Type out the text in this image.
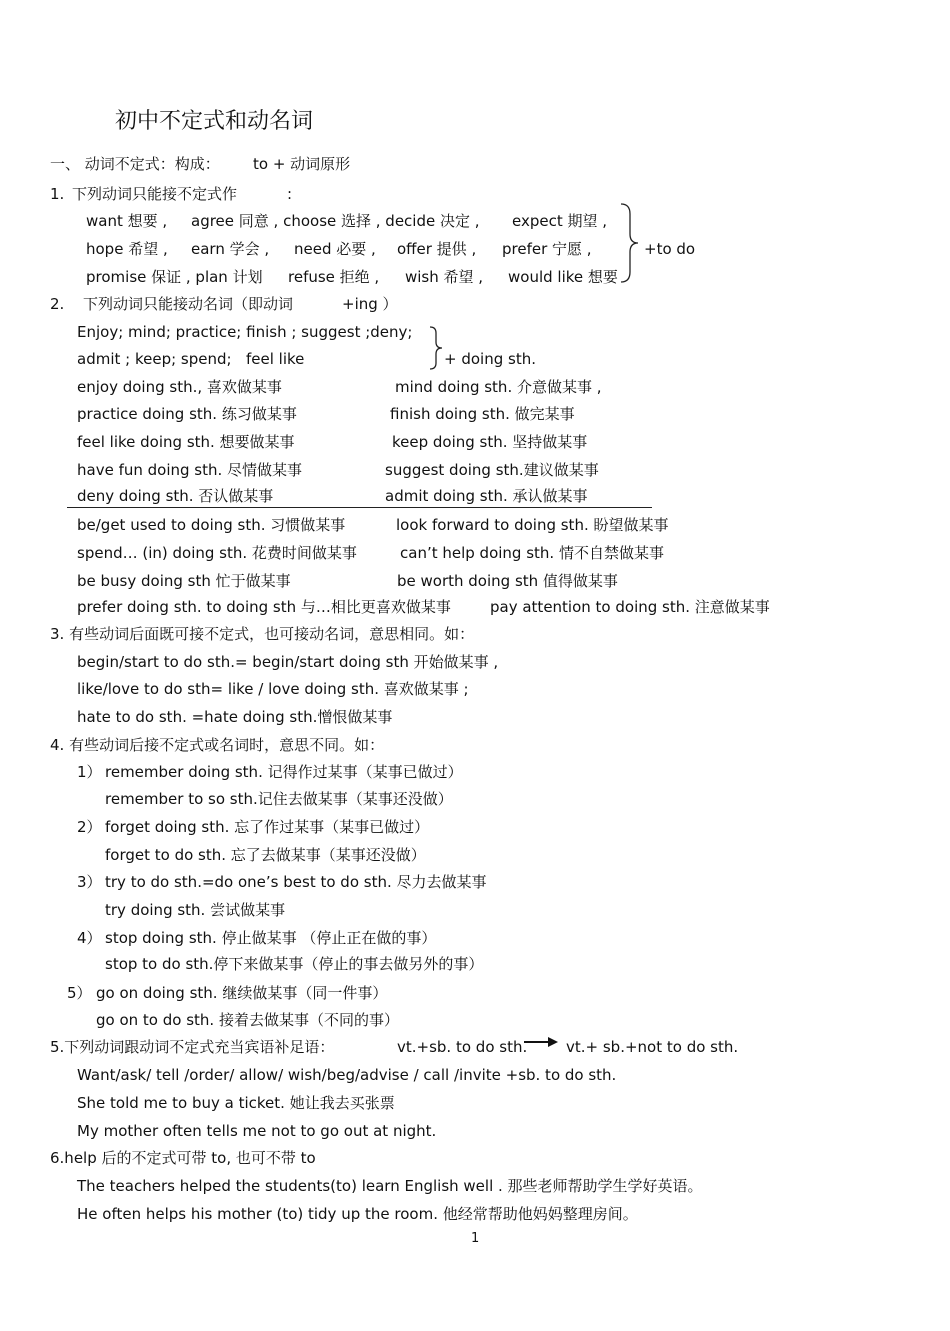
初中不定式和动名词
一、 动词不定式：构成： to + 动词原形
1. 下列动词只能接不定式作	:
want 想要 , agree 同意 , choose 选择 , decide 决定 , expect 期望 ,
hope 希望 , earn 学会 , need 必要 , offer 提供 , prefer 宁愿 ,
promise 保证 , plan 计划 refuse 拒绝 , wish 希望 , would like 想要
+to do
2. 下列动词只能接动名词（即动词	+ing ）
Enjoy; mind; practice; finish ; suggest ;deny;
admit ; keep; spend; feel like	+ doing sth.
enjoy doing sth., 喜欢做某事	mind doing sth. 介意做某事 ,
practice doing sth. 练习做某事	finish doing sth. 做完某事
feel like doing sth. 想要做某事	keep doing sth. 坚持做某事
have fun doing sth. 尽情做某事	suggest doing sth.建议做某事
deny doing sth. 否认做某事	admit doing sth. 承认做某事
be/get used to doing sth. 习惯做某事	look forward to doing sth. 盼望做某事
spend… (in) doing sth. 花费时间做某事	can’t help doing sth. 情不自禁做某事
be busy doing sth 忙于做某事	be worth doing sth 值得做某事
prefer doing sth. to doing sth 与…相比更喜欢做某事	pay attention to doing sth. 注意做某事
3. 有些动词后面既可接不定式，也可接动名词，意思相同。如：
begin/start to do sth.= begin/start doing sth 开始做某事 ,
like/love to do sth= like / love doing sth. 喜欢做某事 ;
hate to do sth. =hate doing sth.憎恨做某事
4. 有些动词后接不定式或名词时，意思不同。如：
1） remember doing sth. 记得作过某事（某事已做过）
remember to so sth.记住去做某事（某事还没做）
2） forget doing sth. 忘了作过某事（某事已做过）
forget to do sth. 忘了去做某事（某事还没做）
3） try to do sth.=do one’s best to do sth. 尽力去做某事
try doing sth. 尝试做某事
4） stop doing sth. 停止做某事 （停止正在做的事）
stop to do sth.停下来做某事（停止的事去做另外的事）
5） go on doing sth. 继续做某事（同一件事）
go on to do sth. 接着去做某事（不同的事）
5.下列动词跟动词不定式充当宾语补足语：	vt.+sb. to do sth.	vt.+ sb.+not to do sth.
Want/ask/ tell /order/ allow/ wish/beg/advise / call /invite +sb. to do sth.
She told me to buy a ticket. 她让我去买张票
My mother often tells me not to go out at night.
6.help 后的不定式可带 to, 也可不带 to
The teachers helped the students(to) learn English well . 那些老师帮助学生学好英语。
He often helps his mother (to) tidy up the room. 他经常帮助他妈妈整理房间。
1
